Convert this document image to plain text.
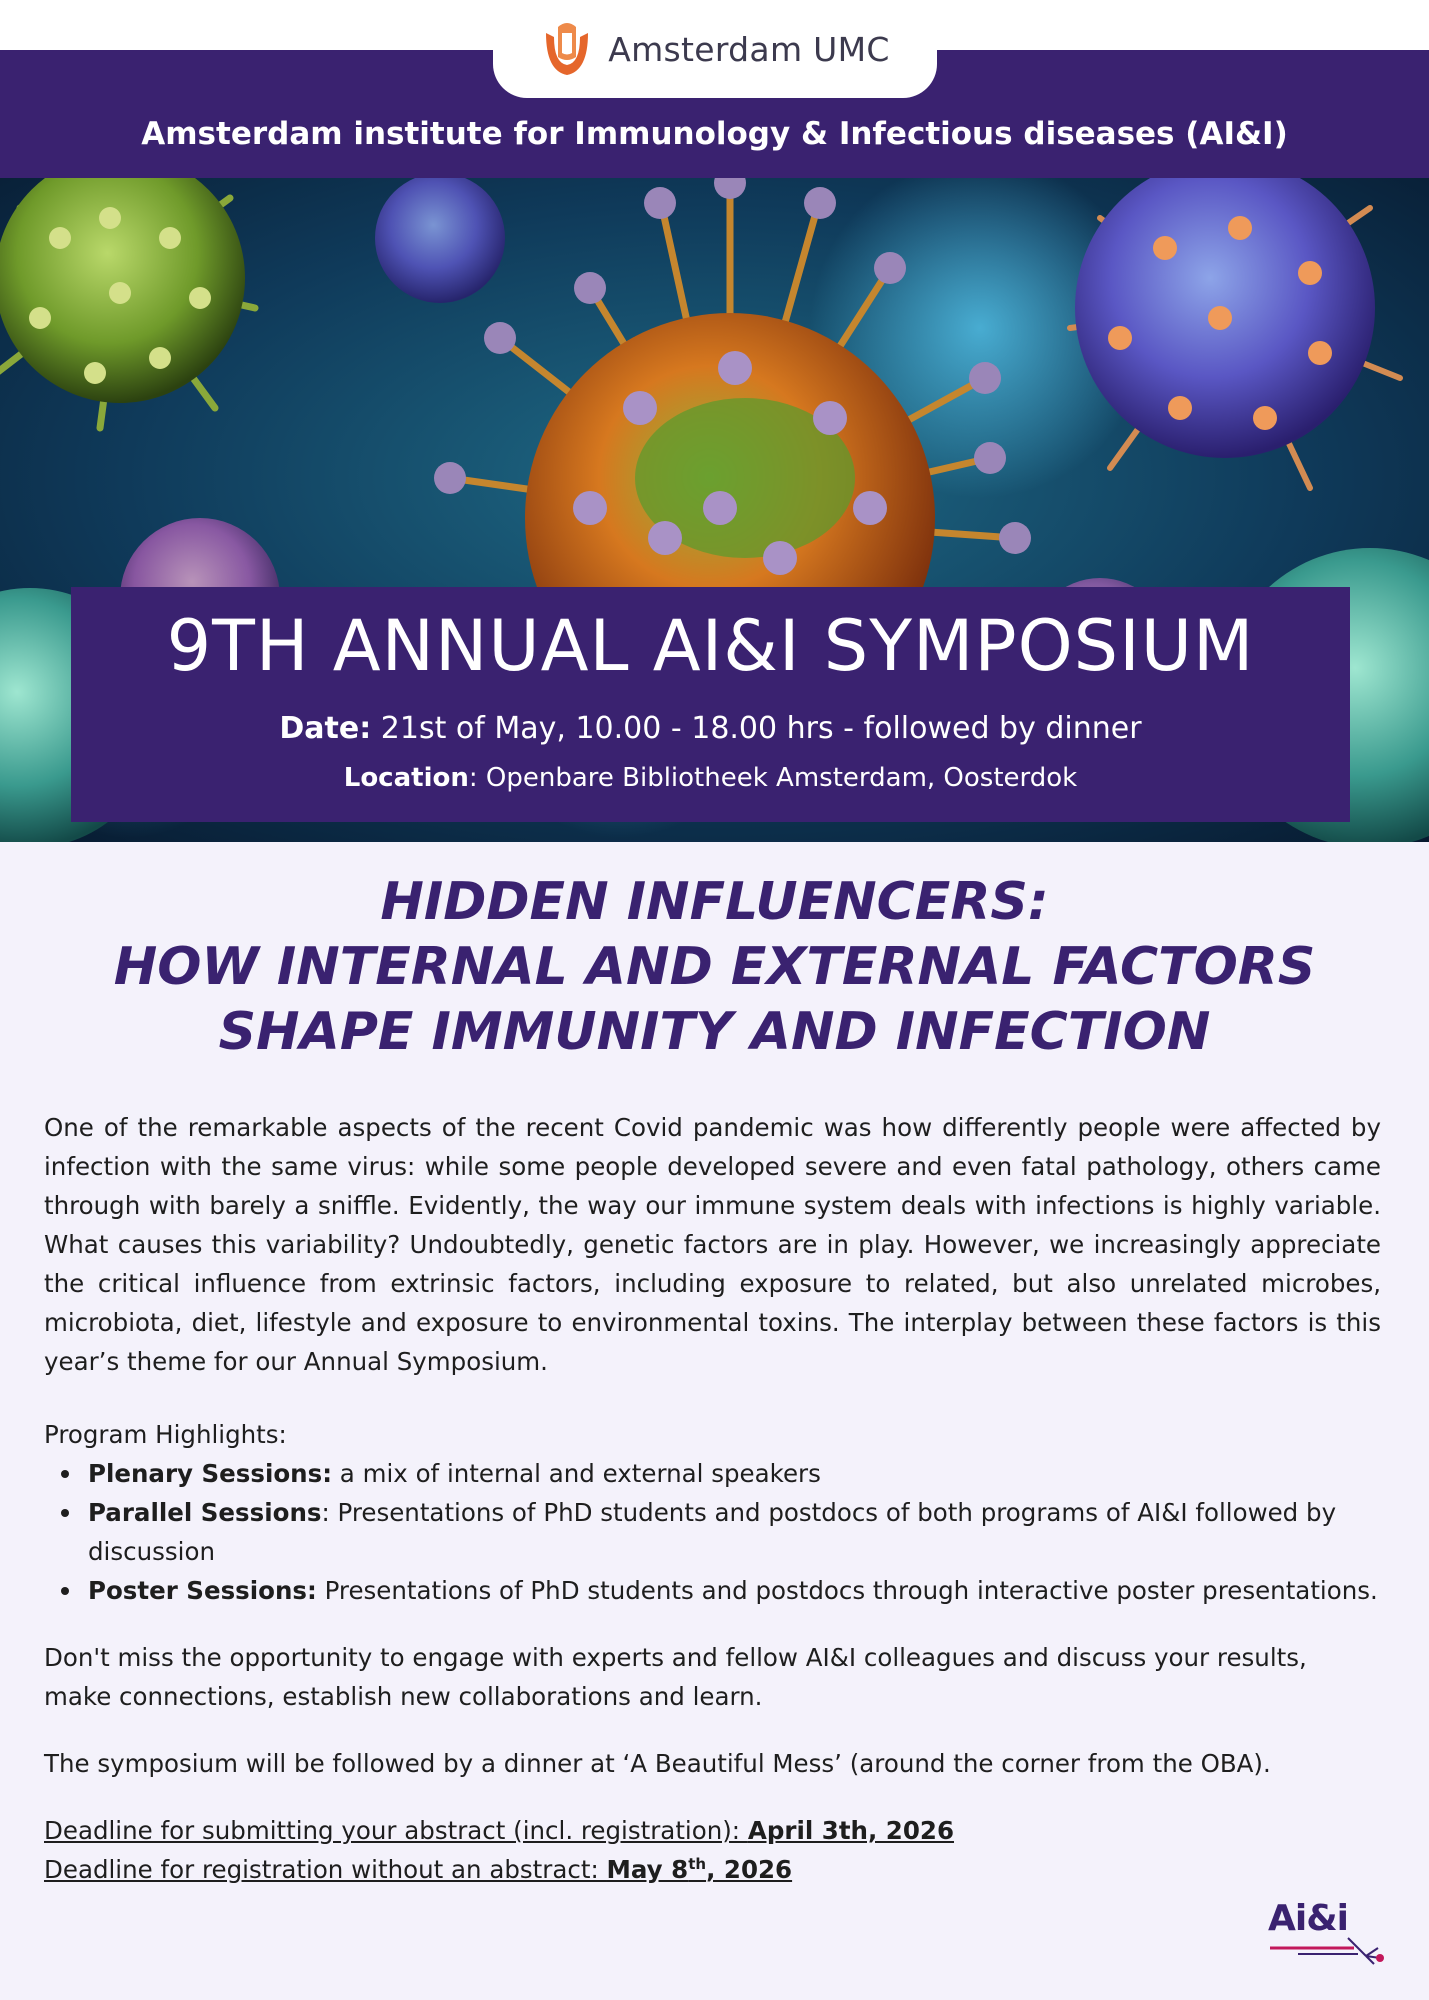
Amsterdam UMC
Amsterdam institute for Immunology & Infectious diseases (AI&I)
9TH ANNUAL AI&I SYMPOSIUM
Date: 21st of May, 10.00 - 18.00 hrs - followed by dinner
Location: Openbare Bibliotheek Amsterdam, Oosterdok
HIDDEN INFLUENCERS:
HOW INTERNAL AND EXTERNAL FACTORS
SHAPE IMMUNITY AND INFECTION

One of the remarkable aspects of the recent Covid pandemic was how differently people were affected by infection with the same virus: while some people developed severe and even fatal pathology, others came through with barely a sniffle. Evidently, the way our immune system deals with infections is highly variable. What causes this variability? Undoubtedly, genetic factors are in play. However, we increasingly appreciate the critical influence from extrinsic factors, including exposure to related, but also unrelated microbes, microbiota, diet, lifestyle and exposure to environmental toxins. The interplay between these factors is this year’s theme for our Annual Symposium.

Program Highlights:

Plenary Sessions: a mix of internal and external speakers
Parallel Sessions: Presentations of PhD students and postdocs of both programs of AI&I followed by discussion
Poster Sessions: Presentations of PhD students and postdocs through interactive poster presentations.

Don't miss the opportunity to engage with experts and fellow AI&I colleagues and discuss your results, make connections, establish new collaborations and learn.

The symposium will be followed by a dinner at ‘A Beautiful Mess’ (around the corner from the OBA).

Deadline for submitting your abstract (incl. registration): April 3th, 2026
Deadline for registration without an abstract: May 8th, 2026
Ai&i
